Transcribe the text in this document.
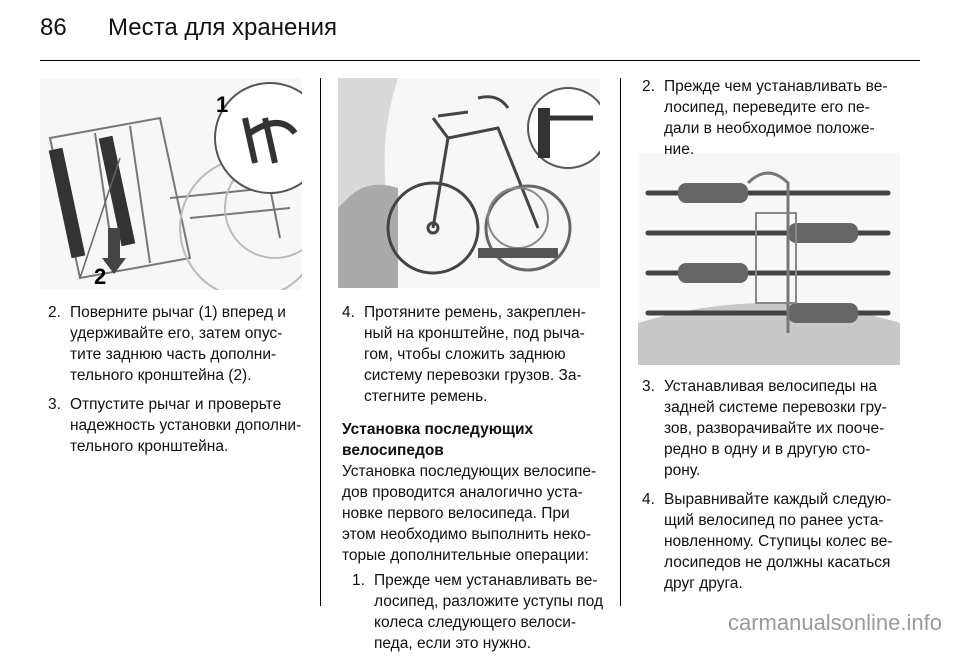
86 Места для хранения
1
2
2. Поверните рычаг (1) вперед и
удерживайте его, затем опус-
тите заднюю часть дополни-
тельного кронштейна (2).
3. Отпустите рычаг и проверьте
надежность установки дополни-
тельного кронштейна.
4. Протяните ремень, закреплен-
ный на кронштейне, под рыча-
гом, чтобы сложить заднюю
систему перевозки грузов. За-
стегните ремень.
Установка последующих
велосипедов
Установка последующих велосипе-
дов проводится аналогично уста-
новке первого велосипеда. При
этом необходимо выполнить неко-
торые дополнительные операции:
1. Прежде чем устанавливать ве-
лосипед, разложите уступы под
колеса следующего велоси-
педа, если это нужно.
2. Прежде чем устанавливать ве-
лосипед, переведите его пе-
дали в необходимое положе-
ние.
3. Устанавливая велосипеды на
задней системе перевозки гру-
зов, разворачивайте их поoче-
редно в одну и в другую сто-
рону.
4. Выравнивайте каждый следую-
щий велосипед по ранее уста-
новленному. Ступицы колес ве-
лосипедов не должны касаться
друг друга.
carmanualsonline.info
